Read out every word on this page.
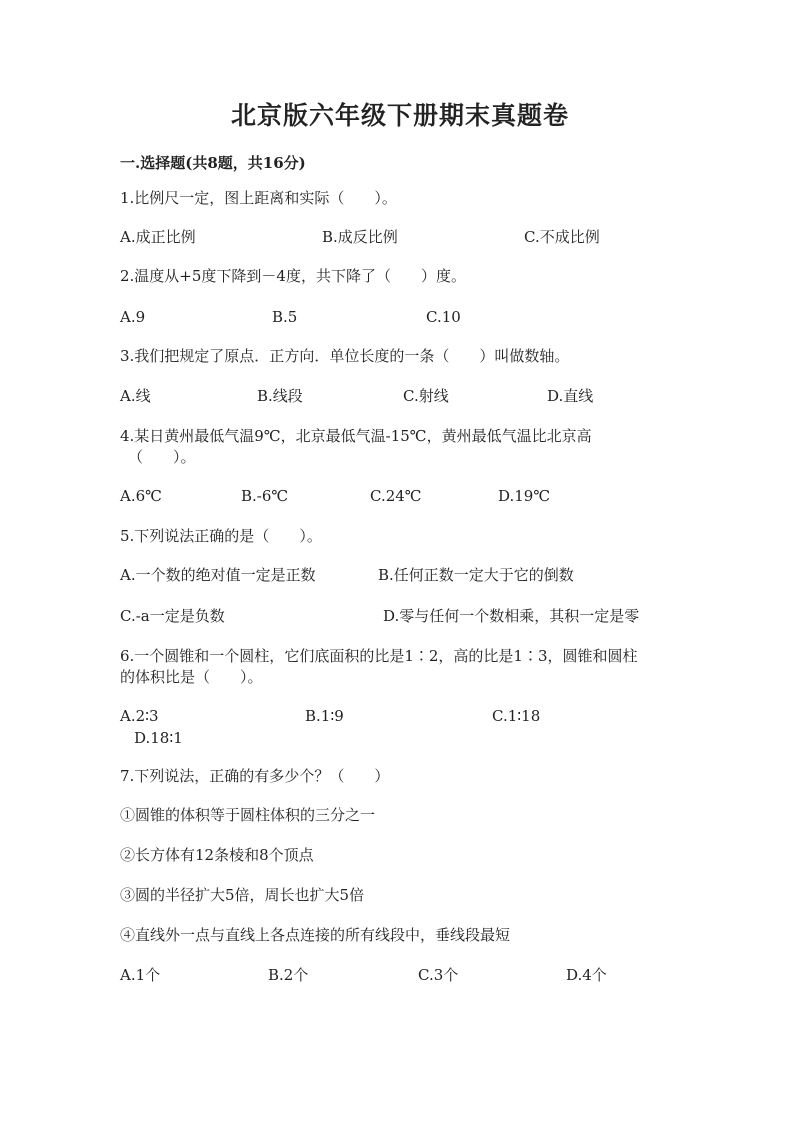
北京版六年级下册期末真题卷
一.选择题(共8题，共16分)
1.比例尺一定，图上距离和实际（　　）。
A.成正比例	B.成反比例	C.不成比例
2.温度从+5度下降到－4度，共下降了（　　）度。
A.9	B.5	C.10
3.我们把规定了原点．正方向．单位长度的一条（　　）叫做数轴。
A.线	B.线段	C.射线	D.直线
4.某日黄州最低气温9℃，北京最低气温-15℃，黄州最低气温比北京高
（　　）。
A.6℃	B.-6℃	C.24℃	D.19℃
5.下列说法正确的是（　　）。
A.一个数的绝对值一定是正数	B.任何正数一定大于它的倒数
C.-a一定是负数	D.零与任何一个数相乘，其积一定是零
6.一个圆锥和一个圆柱，它们底面积的比是1∶2，高的比是1∶3，圆锥和圆柱
的体积比是（　　）。
A.2∶3	B.1∶9	C.1∶18
D.18∶1
7.下列说法，正确的有多少个？（　　）
①圆锥的体积等于圆柱体积的三分之一
②长方体有12条棱和8个顶点
③圆的半径扩大5倍，周长也扩大5倍
④直线外一点与直线上各点连接的所有线段中，垂线段最短
A.1个	B.2个	C.3个	D.4个
